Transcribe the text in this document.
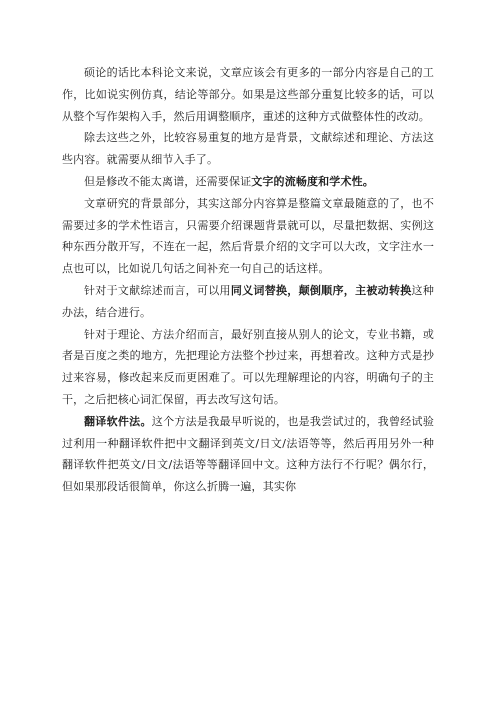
硕论的话比本科论文来说，文章应该会有更多的一部分内容是自己的工作，比如说实例仿真，结论等部分。如果是这些部分重复比较多的话，可以从整个写作架构入手，然后用调整顺序，重述的这种方式做整体性的改动。

除去这些之外，比较容易重复的地方是背景，文献综述和理论、方法这些内容。就需要从细节入手了。

但是修改不能太离谱，还需要保证文字的流畅度和学术性。

文章研究的背景部分，其实这部分内容算是整篇文章最随意的了，也不需要过多的学术性语言，只需要介绍课题背景就可以，尽量把数据、实例这种东西分散开写，不连在一起，然后背景介绍的文字可以大改，文字注水一点也可以，比如说几句话之间补充一句自己的话这样。

针对于文献综述而言，可以用同义词替换，颠倒顺序，主被动转换这种办法，结合进行。

针对于理论、方法介绍而言，最好别直接从别人的论文，专业书籍，或者是百度之类的地方，先把理论方法整个抄过来，再想着改。这种方式是抄过来容易，修改起来反而更困难了。可以先理解理论的内容，明确句子的主干，之后把核心词汇保留，再去改写这句话。

翻译软件法。这个方法是我最早听说的，也是我尝试过的，我曾经试验过利用一种翻译软件把中文翻译到英文/日文/法语等等，然后再用另外一种翻译软件把英文/日文/法语等等翻译回中文。这种方法行不行呢？偶尔行，但如果那段话很简单，你这么折腾一遍，其实你
